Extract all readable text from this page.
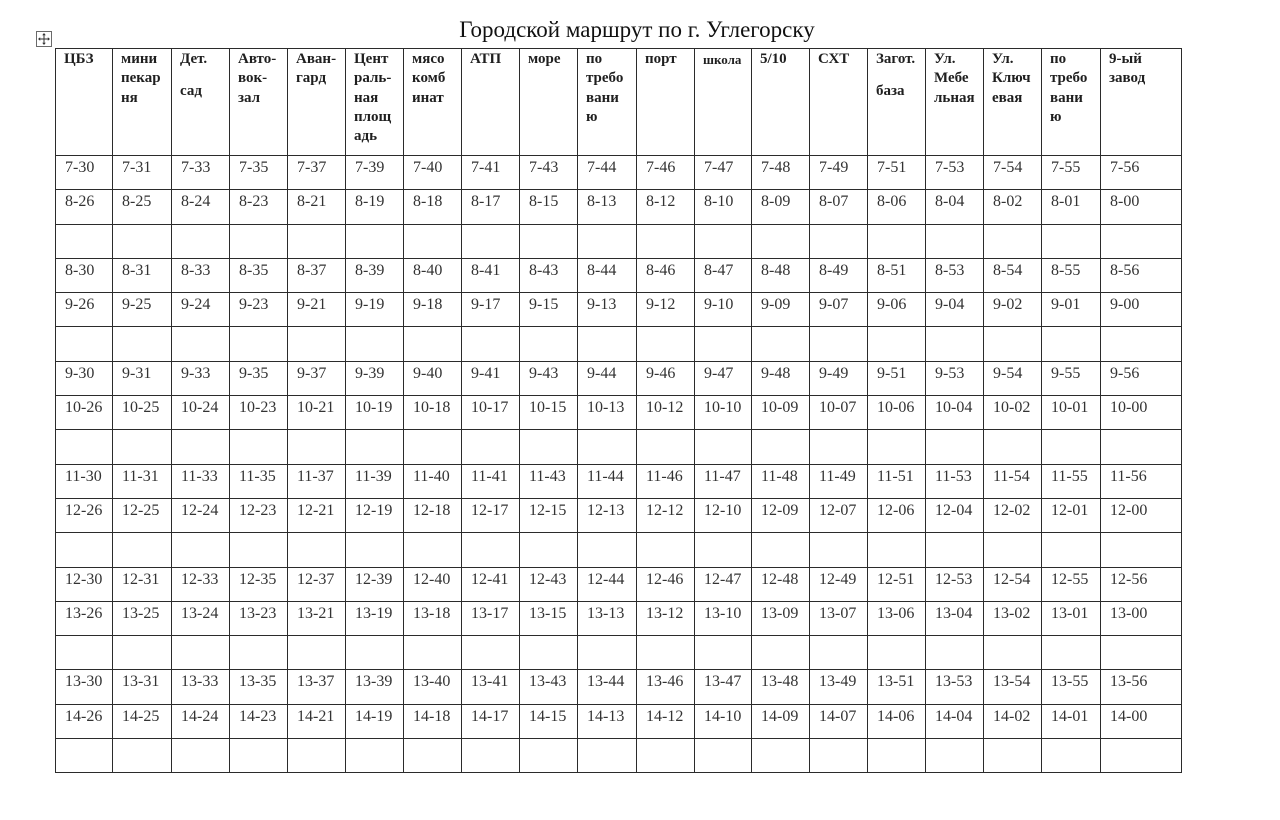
Городской маршрут по г. Углегорску
ЦБЗ	мини
пекар
ня	Дет.
сад	Авто-
вок-
зал	Аван-
гард	Цент
раль-
ная
площ
адь	мясо
комб
инат	АТП	море	по
требо
вани
ю	порт	школа	5/10	СХТ	Загот.
база	Ул.
Мебе
льная	Ул.
Ключ
евая	по
требо
вани
ю	9-ый
завод

7-30	7-31	7-33	7-35	7-37	7-39	7-40	7-41	7-43	7-44	7-46	7-47	7-48	7-49	7-51	7-53	7-54	7-55	7-56
8-26	8-25	8-24	8-23	8-21	8-19	8-18	8-17	8-15	8-13	8-12	8-10	8-09	8-07	8-06	8-04	8-02	8-01	8-00

8-30	8-31	8-33	8-35	8-37	8-39	8-40	8-41	8-43	8-44	8-46	8-47	8-48	8-49	8-51	8-53	8-54	8-55	8-56
9-26	9-25	9-24	9-23	9-21	9-19	9-18	9-17	9-15	9-13	9-12	9-10	9-09	9-07	9-06	9-04	9-02	9-01	9-00

9-30	9-31	9-33	9-35	9-37	9-39	9-40	9-41	9-43	9-44	9-46	9-47	9-48	9-49	9-51	9-53	9-54	9-55	9-56
10-26	10-25	10-24	10-23	10-21	10-19	10-18	10-17	10-15	10-13	10-12	10-10	10-09	10-07	10-06	10-04	10-02	10-01	10-00

11-30	11-31	11-33	11-35	11-37	11-39	11-40	11-41	11-43	11-44	11-46	11-47	11-48	11-49	11-51	11-53	11-54	11-55	11-56
12-26	12-25	12-24	12-23	12-21	12-19	12-18	12-17	12-15	12-13	12-12	12-10	12-09	12-07	12-06	12-04	12-02	12-01	12-00

12-30	12-31	12-33	12-35	12-37	12-39	12-40	12-41	12-43	12-44	12-46	12-47	12-48	12-49	12-51	12-53	12-54	12-55	12-56
13-26	13-25	13-24	13-23	13-21	13-19	13-18	13-17	13-15	13-13	13-12	13-10	13-09	13-07	13-06	13-04	13-02	13-01	13-00

13-30	13-31	13-33	13-35	13-37	13-39	13-40	13-41	13-43	13-44	13-46	13-47	13-48	13-49	13-51	13-53	13-54	13-55	13-56
14-26	14-25	14-24	14-23	14-21	14-19	14-18	14-17	14-15	14-13	14-12	14-10	14-09	14-07	14-06	14-04	14-02	14-01	14-00
